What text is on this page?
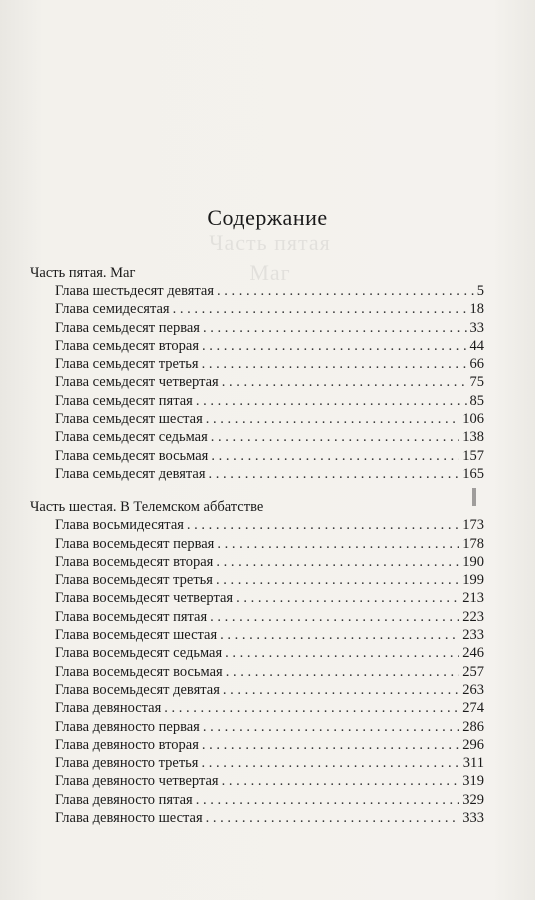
Часть пятая
Маг
Содержание
Часть пятая. Маг
Глава шестьдесят девятая . . .	5
Глава семидесятая . . .	18
Глава семьдесят первая . . .	33
Глава семьдесят вторая . . .	44
Глава семьдесят третья . . .	66
Глава семьдесят четвертая . . .	75
Глава семьдесят пятая . . .	85
Глава семьдесят шестая . . .	106
Глава семьдесят седьмая . . .	138
Глава семьдесят восьмая . . .	157
Глава семьдесят девятая . . .	165
Часть шестая. В Телемском аббатстве
Глава восьмидесятая . . .	173
Глава восемьдесят первая . . .	178
Глава восемьдесят вторая . . .	190
Глава восемьдесят третья . . .	199
Глава восемьдесят четвертая . . .	213
Глава восемьдесят пятая . . .	223
Глава восемьдесят шестая . . .	233
Глава восемьдесят седьмая . . .	246
Глава восемьдесят восьмая . . .	257
Глава восемьдесят девятая . . .	263
Глава девяностая . . .	274
Глава девяносто первая . . .	286
Глава девяносто вторая . . .	296
Глава девяносто третья . . .	311
Глава девяносто четвертая . . .	319
Глава девяносто пятая . . .	329
Глава девяносто шестая . . .	333
